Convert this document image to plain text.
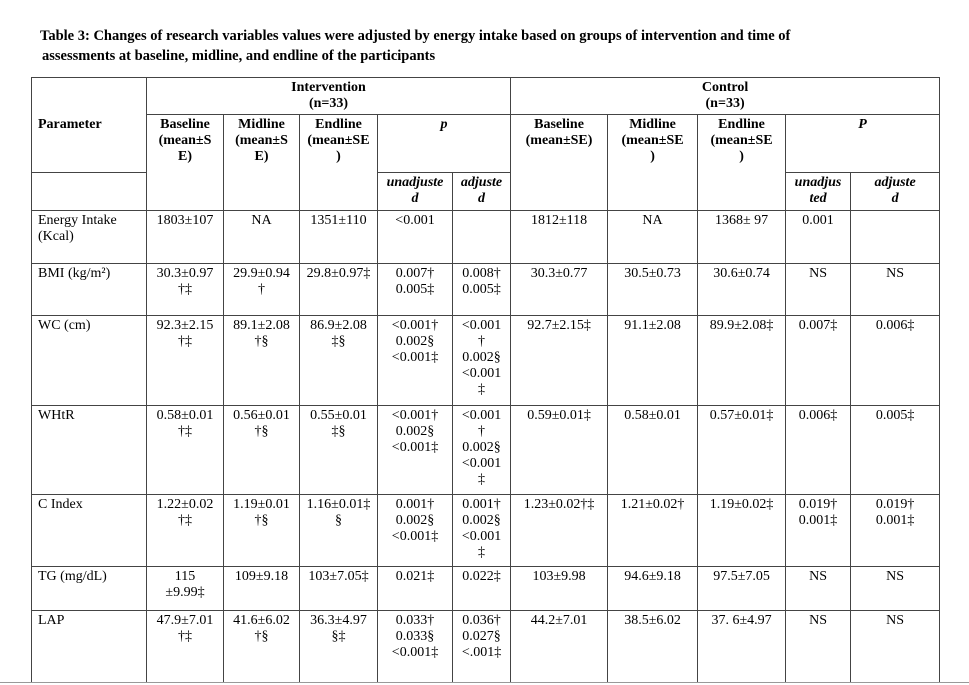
Table 3: Changes of research variables values were adjusted by energy intake based on groups of intervention and time of
assessments at baseline, midline, and endline of the participants
Parameter	Intervention
(n=33)					Control
(n=33)				

	Baseline
(mean±S
E)	Midline
(mean±S
E)	Endline
(mean±SE
)	p		Baseline
(mean±SE)	Midline
(mean±SE
)	Endline
(mean±SE
)	P	

				unadjuste
d	adjuste
d				unadjus
ted	adjuste
d

Energy Intake
(Kcal)	1803±107	NA	1351±110	<0.001		1812±118	NA	1368± 97	0.001	

BMI (kg/m²)	30.3±0.97
†‡	29.9±0.94
†	29.8±0.97‡	0.007†
0.005‡	0.008†
0.005‡	30.3±0.77	30.5±0.73	30.6±0.74	NS	NS

WC (cm)	92.3±2.15
†‡	89.1±2.08
†§	86.9±2.08
‡§	<0.001†
0.002§
<0.001‡	<0.001
†
0.002§
<0.001
‡	92.7±2.15‡	91.1±2.08	89.9±2.08‡	0.007‡	0.006‡

WHtR	0.58±0.01
†‡	0.56±0.01
†§	0.55±0.01
‡§	<0.001†
0.002§
<0.001‡	<0.001
†
0.002§
<0.001
‡	0.59±0.01‡	0.58±0.01	0.57±0.01‡	0.006‡	0.005‡

C Index	1.22±0.02
†‡	1.19±0.01
†§	1.16±0.01‡
§	0.001†
0.002§
<0.001‡	0.001†
0.002§
<0.001
‡	1.23±0.02†‡	1.21±0.02†	1.19±0.02‡	0.019†
0.001‡	0.019†
0.001‡

TG (mg/dL)	115
±9.99‡	109±9.18	103±7.05‡	0.021‡	0.022‡	103±9.98	94.6±9.18	97.5±7.05	NS	NS

LAP	47.9±7.01
†‡	41.6±6.02
†§	36.3±4.97
§‡	0.033†
0.033§
<0.001‡	0.036†
0.027§
<.001‡	44.2±7.01	38.5±6.02	37. 6±4.97	NS	NS
